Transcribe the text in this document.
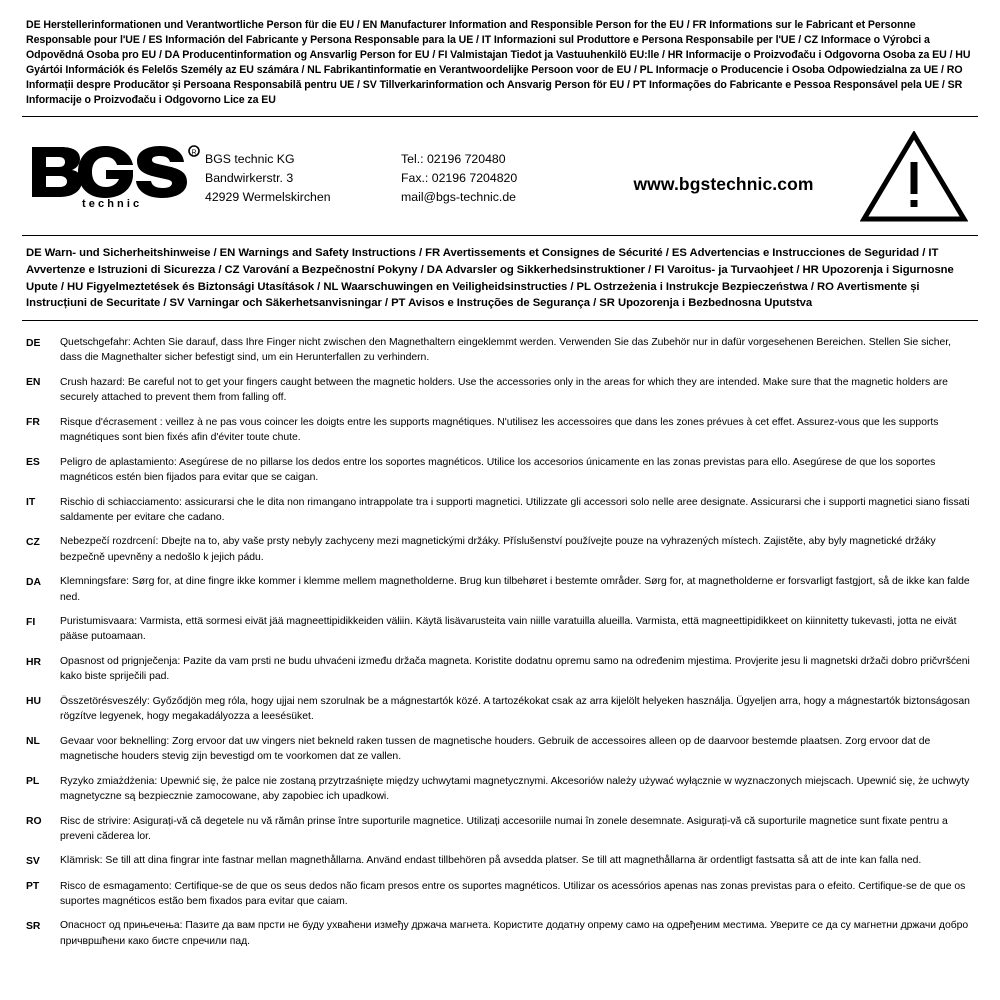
DE Herstellerinformationen und Verantwortliche Person für die EU / EN Manufacturer Information and Responsible Person for the EU / FR Informations sur le Fabricant et Personne Responsable pour l'UE / ES Información del Fabricante y Persona Responsable para la UE / IT Informazioni sul Produttore e Persona Responsabile per l'UE / CZ Informace o Výrobci a Odpovědná Osoba pro EU / DA Producentinformation og Ansvarlig Person for EU / FI Valmistajan Tiedot ja Vastuuhenkilö EU:lle / HR Informacije o Proizvođaču i Odgovorna Osoba za EU / HU Gyártói Információk és Felelős Személy az EU számára / NL Fabrikantinformatie en Verantwoordelijke Persoon voor de EU / PL Informacje o Producencie i Osoba Odpowiedzialna za UE / RO Informații despre Producător și Persoana Responsabilă pentru UE / SV Tillverkarinformation och Ansvarig Person för EU / PT Informações do Fabricante e Pessoa Responsável pela UE / SR Informacije o Proizvođaču i Odgovorno Lice za EU
R
technic
BGS technic KG
Bandwirkerstr. 3
42929 Wermelskirchen
Tel.: 02196 720480
Fax.: 02196 7204820
mail@bgs-technic.de
www.bgstechnic.com
DE Warn- und Sicherheitshinweise / EN Warnings and Safety Instructions / FR Avertissements et Consignes de Sécurité / ES Advertencias e Instrucciones de Seguridad / IT Avvertenze e Istruzioni di Sicurezza / CZ Varování a Bezpečnostní Pokyny / DA Advarsler og Sikkerhedsinstruktioner / FI Varoitus- ja Turvaohjeet / HR Upozorenja i Sigurnosne Upute / HU Figyelmeztetések és Biztonsági Utasítások / NL Waarschuwingen en Veiligheidsinstructies / PL Ostrzeżenia i Instrukcje Bezpieczeństwa / RO Avertismente și Instrucțiuni de Securitate / SV Varningar och Säkerhetsanvisningar / PT Avisos e Instruções de Segurança / SR Upozorenja i Bezbednosna Uputstva
DE	Quetschgefahr: Achten Sie darauf, dass Ihre Finger nicht zwischen den Magnethaltern eingeklemmt werden. Verwenden Sie das Zubehör nur in dafür vorgesehenen Bereichen. Stellen Sie sicher, dass die Magnethalter sicher befestigt sind, um ein Herunterfallen zu verhindern.
EN	Crush hazard: Be careful not to get your fingers caught between the magnetic holders. Use the accessories only in the areas for which they are intended. Make sure that the magnetic holders are securely attached to prevent them from falling off.
FR	Risque d'écrasement : veillez à ne pas vous coincer les doigts entre les supports magnétiques. N'utilisez les accessoires que dans les zones prévues à cet effet. Assurez-vous que les supports magnétiques sont bien fixés afin d'éviter toute chute.
ES	Peligro de aplastamiento: Asegúrese de no pillarse los dedos entre los soportes magnéticos. Utilice los accesorios únicamente en las zonas previstas para ello. Asegúrese de que los soportes magnéticos estén bien fijados para evitar que se caigan.
IT	Rischio di schiacciamento: assicurarsi che le dita non rimangano intrappolate tra i supporti magnetici. Utilizzate gli accessori solo nelle aree designate. Assicurarsi che i supporti magnetici siano fissati saldamente per evitare che cadano.
CZ	Nebezpečí rozdrcení: Dbejte na to, aby vaše prsty nebyly zachyceny mezi magnetickými držáky. Příslušenství používejte pouze na vyhrazených místech. Zajistěte, aby byly magnetické držáky bezpečně upevněny a nedošlo k jejich pádu.
DA	Klemningsfare: Sørg for, at dine fingre ikke kommer i klemme mellem magnetholderne. Brug kun tilbehøret i bestemte områder. Sørg for, at magnetholderne er forsvarligt fastgjort, så de ikke kan falde ned.
FI	Puristumisvaara: Varmista, että sormesi eivät jää magneettipidikkeiden väliin. Käytä lisävarusteita vain niille varatuilla alueilla. Varmista, että magneettipidikkeet on kiinnitetty tukevasti, jotta ne eivät pääse putoamaan.
HR	Opasnost od prignječenja: Pazite da vam prsti ne budu uhvaćeni između držača magneta. Koristite dodatnu opremu samo na određenim mjestima. Provjerite jesu li magnetski držači dobro pričvršćeni kako biste spriječili pad.
HU	Összetörésveszély: Győződjön meg róla, hogy ujjai nem szorulnak be a mágnestartók közé. A tartozékokat csak az arra kijelölt helyeken használja. Ügyeljen arra, hogy a mágnestartók biztonságosan rögzítve legyenek, hogy megakadályozza a leesésüket.
NL	Gevaar voor beknelling: Zorg ervoor dat uw vingers niet bekneld raken tussen de magnetische houders. Gebruik de accessoires alleen op de daarvoor bestemde plaatsen. Zorg ervoor dat de magnetische houders stevig zijn bevestigd om te voorkomen dat ze vallen.
PL	Ryzyko zmiażdżenia: Upewnić się, że palce nie zostaną przytrzaśnięte między uchwytami magnetycznymi. Akcesoriów należy używać wyłącznie w wyznaczonych miejscach. Upewnić się, że uchwyty magnetyczne są bezpiecznie zamocowane, aby zapobiec ich upadkowi.
RO	Risc de strivire: Asigurați-vă că degetele nu vă rămân prinse între suporturile magnetice. Utilizați accesoriile numai în zonele desemnate. Asigurați-vă că suporturile magnetice sunt fixate pentru a preveni căderea lor.
SV	Klämrisk: Se till att dina fingrar inte fastnar mellan magnethållarna. Använd endast tillbehören på avsedda platser. Se till att magnethållarna är ordentligt fastsatta så att de inte kan falla ned.
PT	Risco de esmagamento: Certifique-se de que os seus dedos não ficam presos entre os suportes magnéticos. Utilizar os acessórios apenas nas zonas previstas para o efeito. Certifique-se de que os suportes magnéticos estão bem fixados para evitar que caiam.
SR	Опасност од прињечења: Пазите да вам прсти не буду ухваћени између држача магнета. Користите додатну опрему само на одређеним местима. Уверите се да су магнетни држачи добро причвршћени како бисте спречили пад.
